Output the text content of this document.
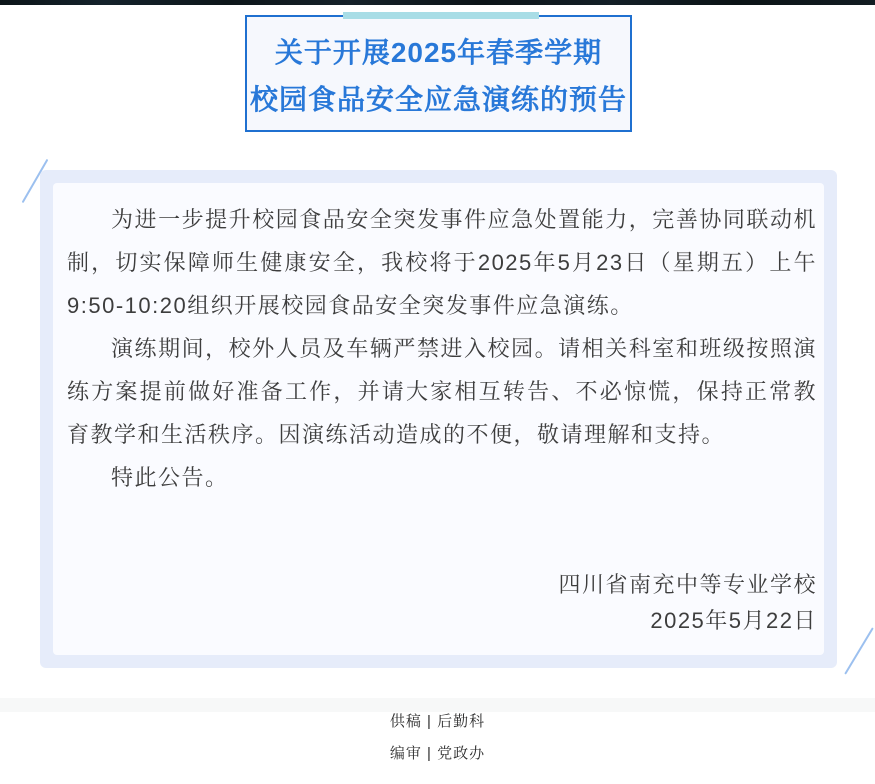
关于开展2025年春季学期
校园食品安全应急演练的预告

为进一步提升校园食品安全突发事件应急处置能力，完善协同联动机制，切实保障师生健康安全，我校将于2025年5月23日（星期五）上午9:50-10:20组织开展校园食品安全突发事件应急演练。

演练期间，校外人员及车辆严禁进入校园。请相关科室和班级按照演练方案提前做好准备工作，并请大家相互转告、不必惊慌，保持正常教育教学和生活秩序。因演练活动造成的不便，敬请理解和支持。

特此公告。

四川省南充中等专业学校
2025年5月22日
供稿 | 后勤科
编审 | 党政办
